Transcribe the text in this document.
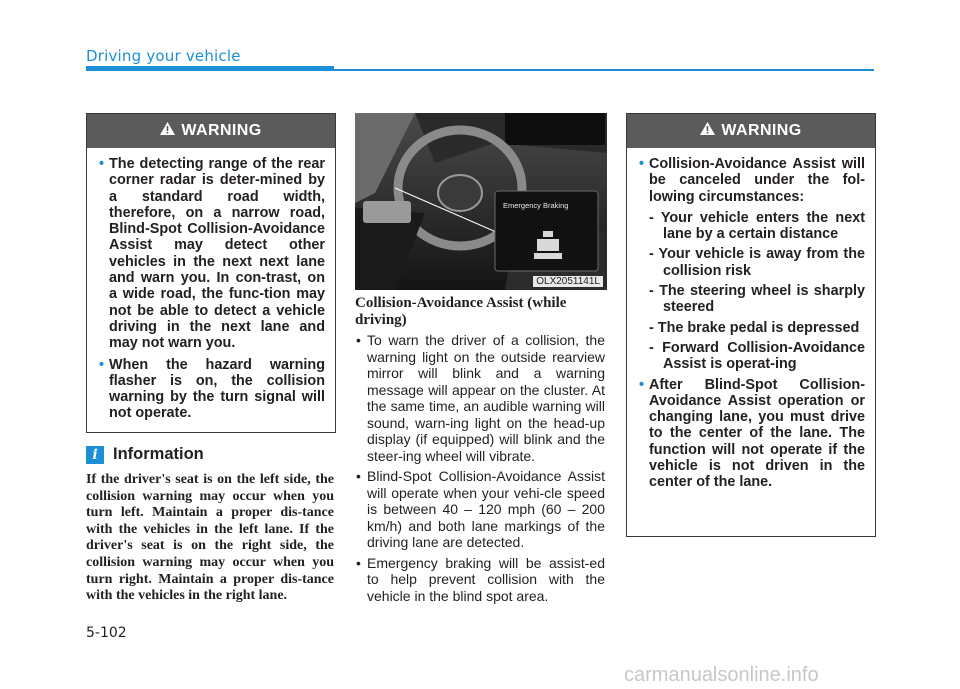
Driving your vehicle
WARNING

• The detecting range of the rear corner radar is deter-mined by a standard road width, therefore, on a narrow road, Blind-Spot Collision-Avoidance Assist may detect other vehicles in the next next lane and warn you. In con-trast, on a wide road, the func-tion may not be able to detect a vehicle driving in the next lane and may not warn you.

• When the hazard warning flasher is on, the collision warning by the turn signal will not operate.

i Information
If the driver's seat is on the left side, the collision warning may occur when you turn left. Maintain a proper dis-tance with the vehicles in the left lane. If the driver's seat is on the right side, the collision warning may occur when you turn right. Maintain a proper dis-tance with the vehicles in the right lane.
Emergency Braking
OLX2051141L
Collision-Avoidance Assist (while driving)
• To warn the driver of a collision, the warning light on the outside rearview mirror will blink and a warning message will appear on the cluster. At the same time, an audible warning will sound, warn-ing light on the head-up display (if equipped) will blink and the steer-ing wheel will vibrate.
• Blind-Spot Collision-Avoidance Assist will operate when your vehi-cle speed is between 40 – 120 mph (60 – 200 km/h) and both lane markings of the driving lane are detected.
• Emergency braking will be assist-ed to help prevent collision with the vehicle in the blind spot area.
WARNING

• Collision-Avoidance Assist will be canceled under the fol-lowing circumstances:

- Your vehicle enters the next lane by a certain distance

- Your vehicle is away from the collision risk

- The steering wheel is sharply steered

- The brake pedal is depressed

- Forward Collision-Avoidance Assist is operat-ing

• After Blind-Spot Collision-Avoidance Assist operation or changing lane, you must drive to the center of the lane. The function will not operate if the vehicle is not driven in the center of the lane.

5-102
carmanualsonline.info
